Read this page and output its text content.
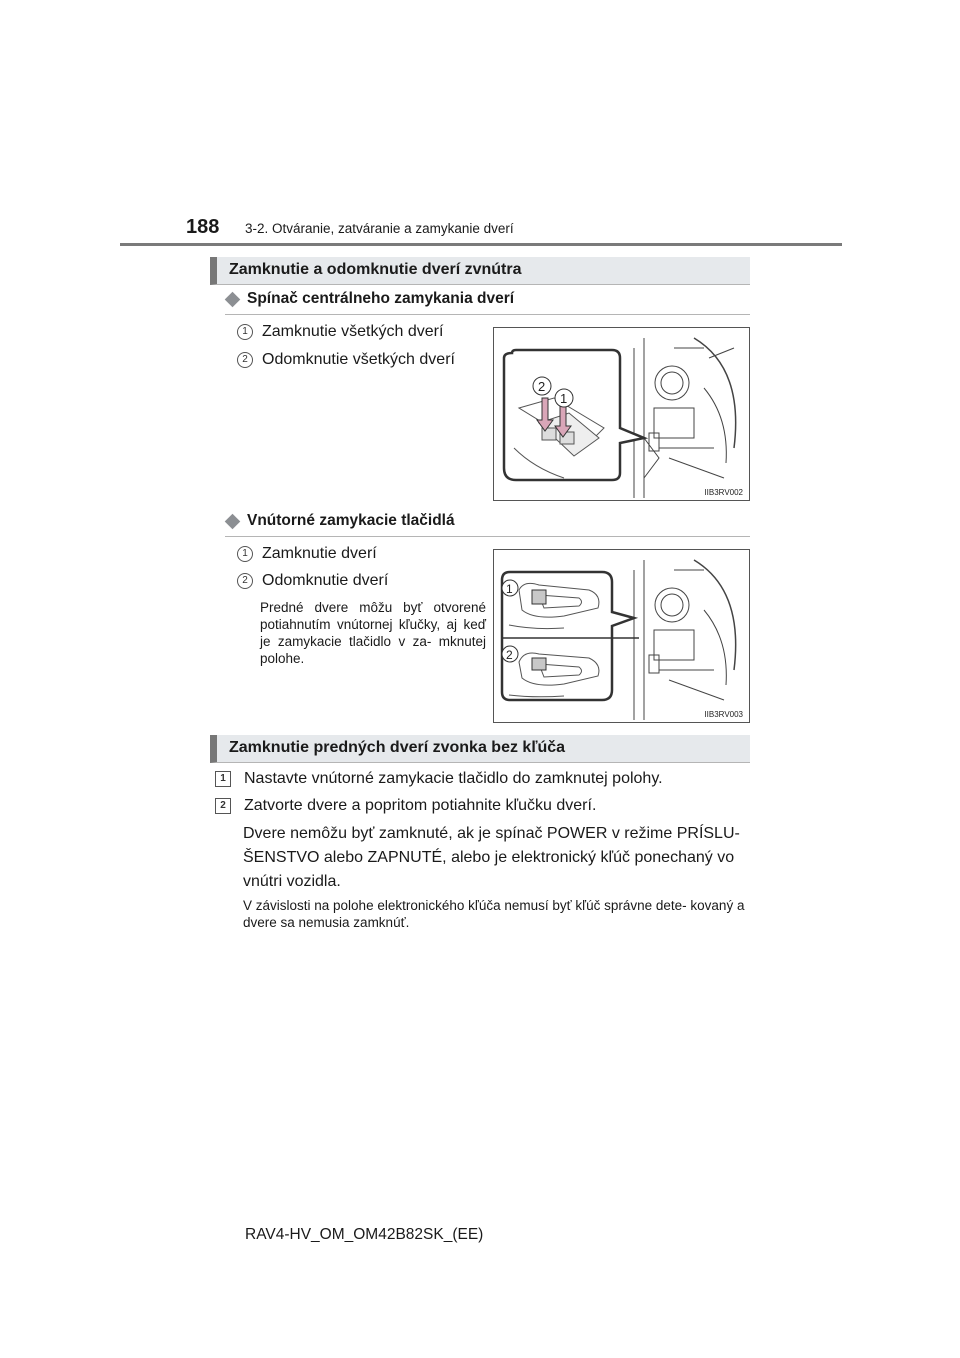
188 3-2. Otváranie, zatváranie a zamykanie dverí
Zamknutie a odomknutie dverí zvnútra
Spínač centrálneho zamykania dverí
1 Zamknutie všetkých dverí
2 Odomknutie všetkých dverí
2
1
IIB3RV002
Vnútorné zamykacie tlačidlá
1 Zamknutie dverí
2 Odomknutie dverí
Predné dvere môžu byť otvorené potiahnutím vnútornej kľučky, aj keď je zamykacie tlačidlo v za- mknutej polohe.
1
2
IIB3RV003
Zamknutie predných dverí zvonka bez kľúča
1	Nastavte vnútorné zamykacie tlačidlo do zamknutej polohy.
2	Zatvorte dvere a popritom potiahnite kľučku dverí.
Dvere nemôžu byť zamknuté, ak je spínač POWER v režime PRÍSLU- ŠENSTVO alebo ZAPNUTÉ, alebo je elektronický kľúč ponechaný vo vnútri vozidla.
V závislosti na polohe elektronického kľúča nemusí byť kľúč správne dete- kovaný a dvere sa nemusia zamknúť.
RAV4-HV_OM_OM42B82SK_(EE)
